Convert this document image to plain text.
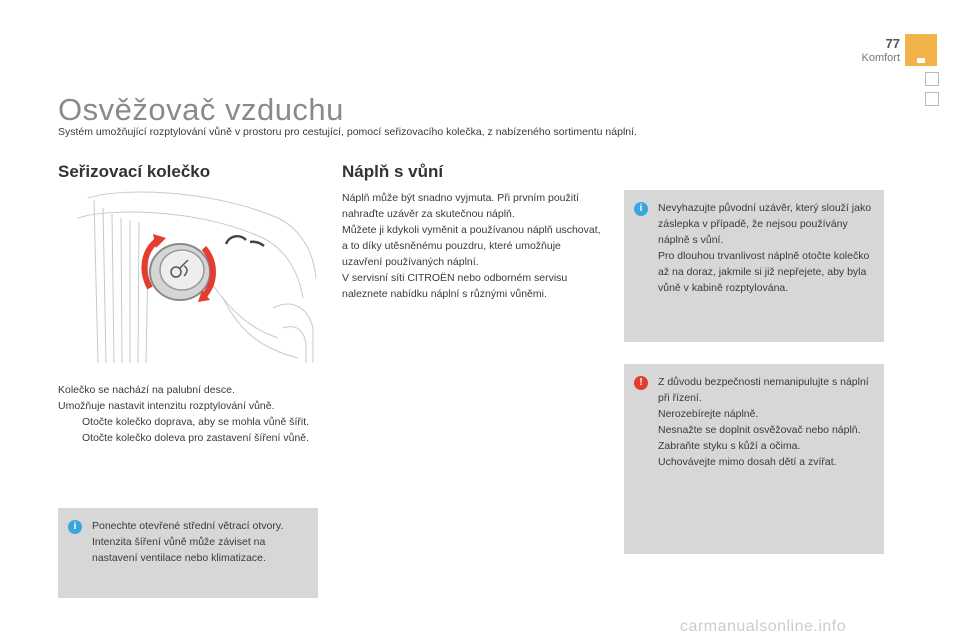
77
Komfort
Osvěžovač vzduchu
Systém umožňující rozptylování vůně v prostoru pro cestující, pomocí seřizovacího kolečka, z nabízeného sortimentu náplní.
Seřizovací kolečko	Náplň s vůní
Kolečko se nachází na palubní desce.
Umožňuje nastavit intenzitu rozptylování vůně.
Otočte kolečko doprava, aby se mohla vůně šířit.
Otočte kolečko doleva pro zastavení šíření vůně.
i	Ponechte otevřené střední větrací otvory.
Intenzita šíření vůně může záviset na nastavení ventilace nebo klimatizace.
Náplň může být snadno vyjmuta. Při prvním použití nahraďte uzávěr za skutečnou náplň.
Můžete ji kdykoli vyměnit a používanou náplň uschovat, a to díky utěsněnému pouzdru, které umožňuje uzavření používaných náplní.
V servisní síti CITROËN nebo odborném servisu naleznete nabídku náplní s různými vůněmi.
i	Nevyhazujte původní uzávěr, který slouží jako záslepka v případě, že nejsou používány náplně s vůní.
Pro dlouhou trvanlivost náplně otočte kolečko až na doraz, jakmile si již nepřejete, aby byla vůně v kabině rozptylována.
!	Z důvodu bezpečnosti nemanipulujte s náplní při řízení.
Nerozebírejte náplně.
Nesnažte se doplnit osvěžovač nebo náplň.
Zabraňte styku s kůží a očima.
Uchovávejte mimo dosah dětí a zvířat.
carmanualsonline.info
